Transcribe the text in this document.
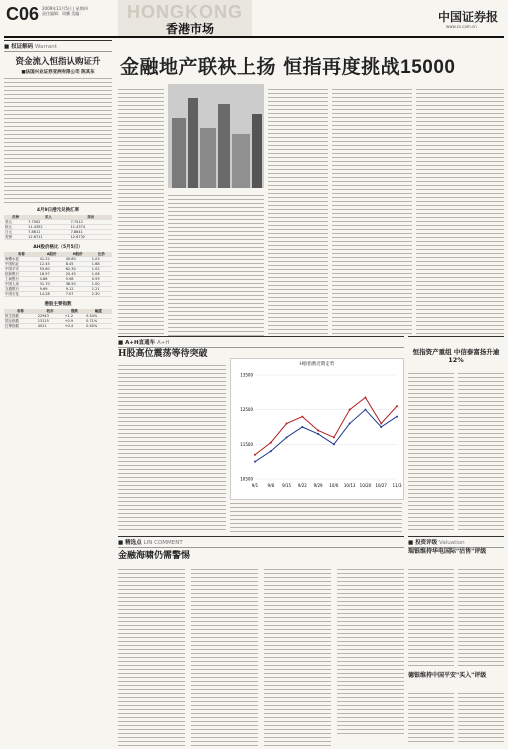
C06 2009年11月5日 | 星期四
责任编辑：周鹏 美编：	HONGKONG
香港市场
中国证券报
www.cs.com.cn
■ 权证解码 Warrant
资金流入恒指认购证升
■法国兴业证券亚洲有限公司 陈其东
4月9日港元兑换汇率
币种	买入	卖出
美元	7.7502	7.7512
欧元	11.4352	11.4374
日元	7.8611	7.8641
英镑	12.6711	12.6732
AH股价格比（5月5日）
名称	A股价	H股价	比价
海螺水泥	41.22	49.80	1.03
中国铝业	12.45	8.45	1.68
中国平安	55.60	62.30	1.02
招商银行	18.97	20.45	1.06
工商银行	4.86	5.98	0.93
中国人寿	31.70	36.50	1.00
交通银行	9.69	9.12	1.21
中国石化	14.28	7.07	2.30
港股主要指数
名称	收市	涨跌	幅度
恒生指数	22943	+1.2	0.54%
国企指数	13115	+0.9	0.71%
红筹指数	4021	+0.4	0.40%
金融地产联袂上扬 恒指再度挑战15000
■ A+H直通车 A+H
H股高位震荡等待突破
H股指数近期走势
10500
11500
12500
13500
9/1 9/8 9/15 9/22 9/29 10/6 10/13 10/20 10/27 11/3
■ 精选点 LIN COMMENT
金融海啸仍需警惕
恒指资产重组 中信泰富扬升逾12%
■ 投资评级 Valuation
瑞银维持华电国际"沽售"评级
德银维持中国平安"买入"评级
